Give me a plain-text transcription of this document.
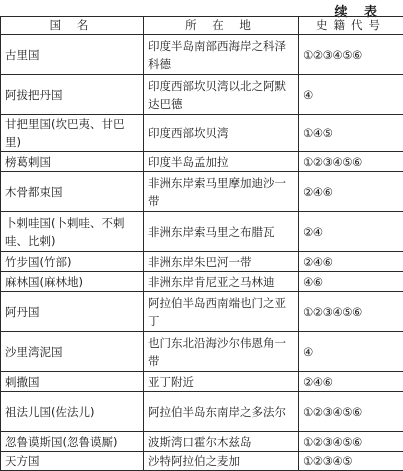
续 表
国 名	所 在 地	史籍代号
古里国	印度半岛南部西海岸之科泽科德	①②③④⑤⑥
阿拔把丹国	印度西部坎贝湾以北之阿默达巴德	④
甘把里国(坎巴夷、甘巴里)	印度西部坎贝湾	①④⑤
榜葛剌国	印度半岛孟加拉	①②③④⑤⑥
木骨都束国	非洲东岸索马里摩加迪沙一带	②④⑥
卜剌哇国(卜剌哇、不剌哇、比剌)	非洲东岸索马里之布腊瓦	②④
竹步国(竹部)	非洲东岸朱巴河一带	②④⑥
麻林国(麻林地)	非洲东岸肯尼亚之马林迪	④⑥
阿丹国	阿拉伯半岛西南端也门之亚丁	①②③④⑤⑥
沙里湾泥国	也门东北沿海沙尔伟恩角一带	④
剌撒国	亚丁附近	②④⑥
祖法儿国(佐法儿)	阿拉伯半岛东南岸之多法尔	①②③④⑤⑥
忽鲁谟斯国(忽鲁谟厮)	波斯湾口霍尔木兹岛	①②③④⑤⑥
天方国	沙特阿拉伯之麦加	①②③④⑤
